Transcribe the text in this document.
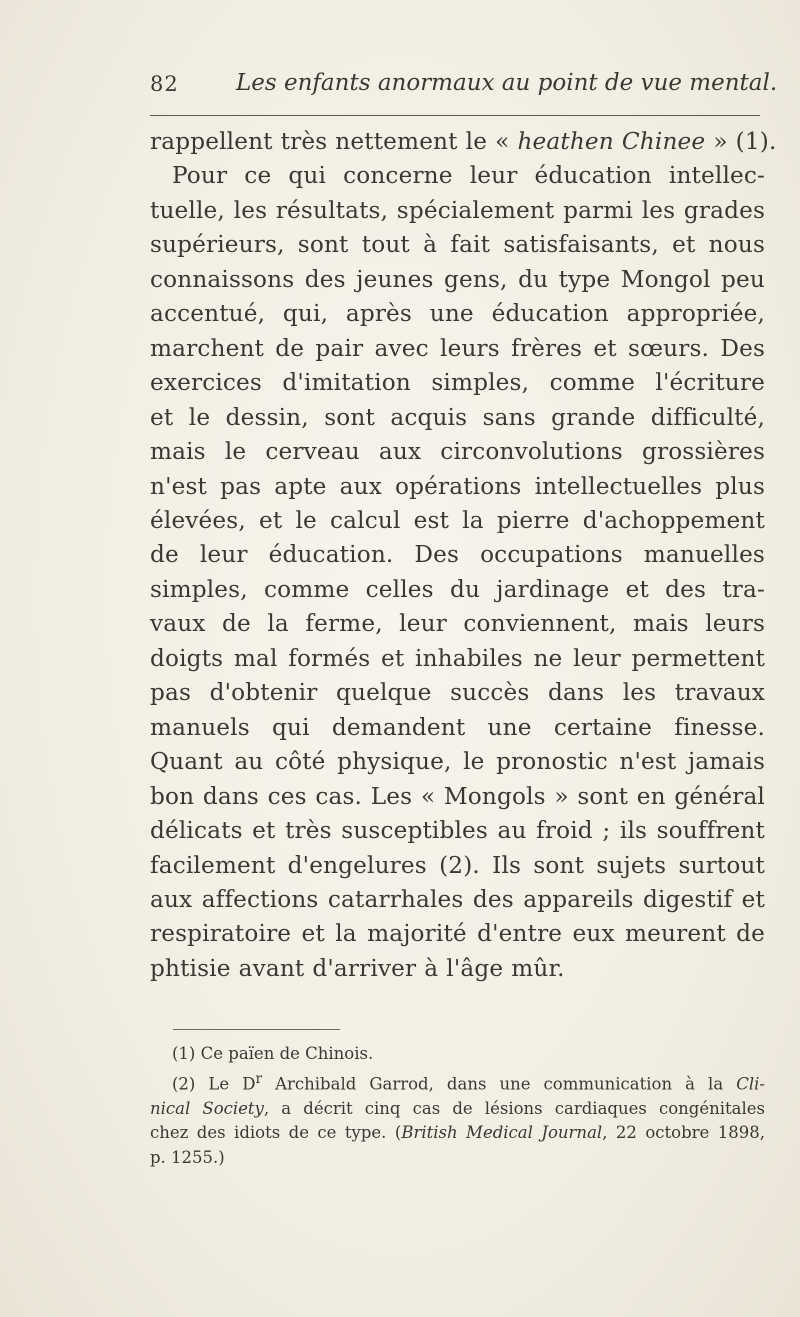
82 Les enfants anormaux au point de vue mental.
rappellent très nettement le « heathen Chinee » (1).
Pour ce qui concerne leur éducation intellec-
tuelle, les résultats, spécialement parmi les grades
supérieurs, sont tout à fait satisfaisants, et nous
connaissons des jeunes gens, du type Mongol peu
accentué, qui, après une éducation appropriée,
marchent de pair avec leurs frères et sœurs. Des
exercices d'imitation simples, comme l'écriture
et le dessin, sont acquis sans grande difficulté,
mais le cerveau aux circonvolutions grossières
n'est pas apte aux opérations intellectuelles plus
élevées, et le calcul est la pierre d'achoppement
de leur éducation. Des occupations manuelles
simples, comme celles du jardinage et des tra-
vaux de la ferme, leur conviennent, mais leurs
doigts mal formés et inhabiles ne leur permettent
pas d'obtenir quelque succès dans les travaux
manuels qui demandent une certaine finesse.
Quant au côté physique, le pronostic n'est jamais
bon dans ces cas. Les « Mongols » sont en général
délicats et très susceptibles au froid ; ils souffrent
facilement d'engelures (2). Ils sont sujets surtout
aux affections catarrhales des appareils digestif et
respiratoire et la majorité d'entre eux meurent de
phtisie avant d'arriver à l'âge mûr.
(1) Ce païen de Chinois.
(2) Le $D^r$ Archibald Garrod, dans une communication à la Cli-
nical Society, a décrit cinq cas de lésions cardiaques congénitales
chez des idiots de ce type. (British Medical Journal, 22 octobre 1898,
p. 1255.)
